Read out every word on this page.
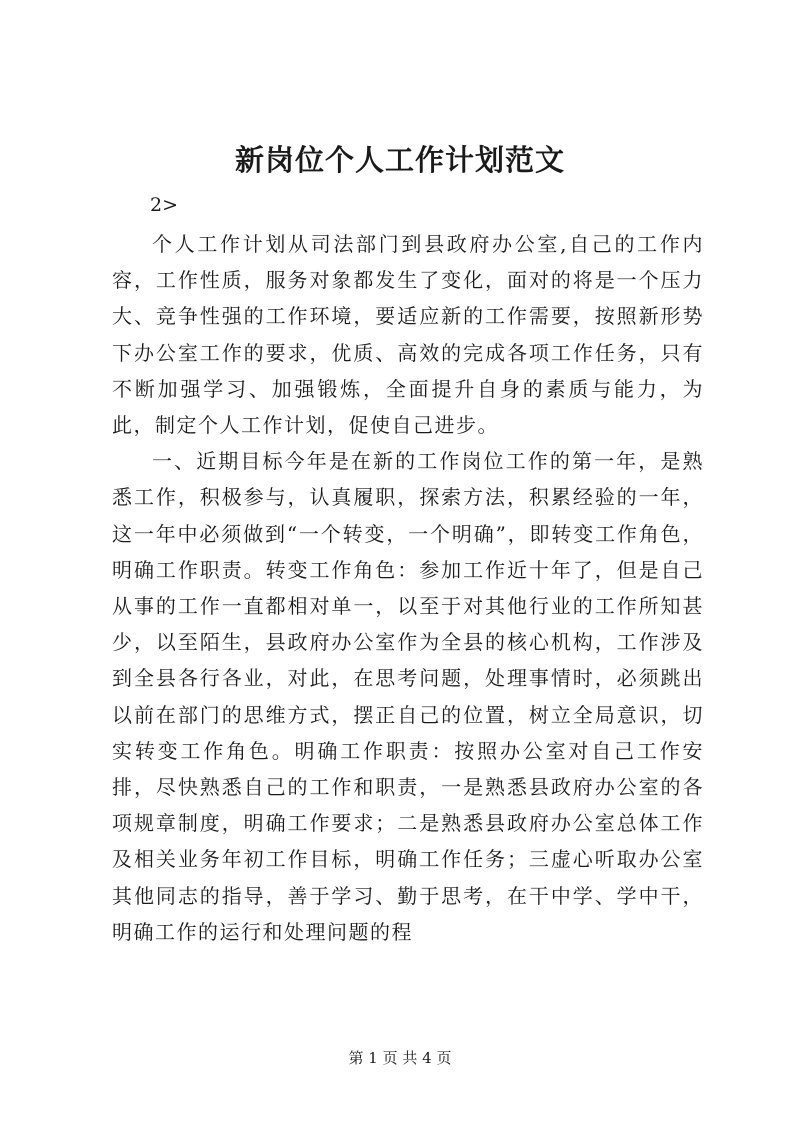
新岗位个人工作计划范文

2>

个人工作计划从司法部门到县政府办公室,自己的工作内容，工作性质，服务对象都发生了变化，面对的将是一个压力大、竞争性强的工作环境，要适应新的工作需要，按照新形势下办公室工作的要求，优质、高效的完成各项工作任务，只有不断加强学习、加强锻炼，全面提升自身的素质与能力，为此，制定个人工作计划，促使自己进步。

一、近期目标今年是在新的工作岗位工作的第一年，是熟悉工作，积极参与，认真履职，探索方法，积累经验的一年，这一年中必须做到“一个转变，一个明确”，即转变工作角色，明确工作职责。转变工作角色：参加工作近十年了，但是自己从事的工作一直都相对单一，以至于对其他行业的工作所知甚少，以至陌生，县政府办公室作为全县的核心机构，工作涉及到全县各行各业，对此，在思考问题，处理事情时，必须跳出以前在部门的思维方式，摆正自己的位置，树立全局意识，切实转变工作角色。明确工作职责：按照办公室对自己工作安排，尽快熟悉自己的工作和职责，一是熟悉县政府办公室的各项规章制度，明确工作要求；二是熟悉县政府办公室总体工作及相关业务年初工作目标，明确工作任务；三虚心听取办公室其他同志的指导，善于学习、勤于思考，在干中学、学中干，明确工作的运行和处理问题的程

第 1 页 共 4 页
